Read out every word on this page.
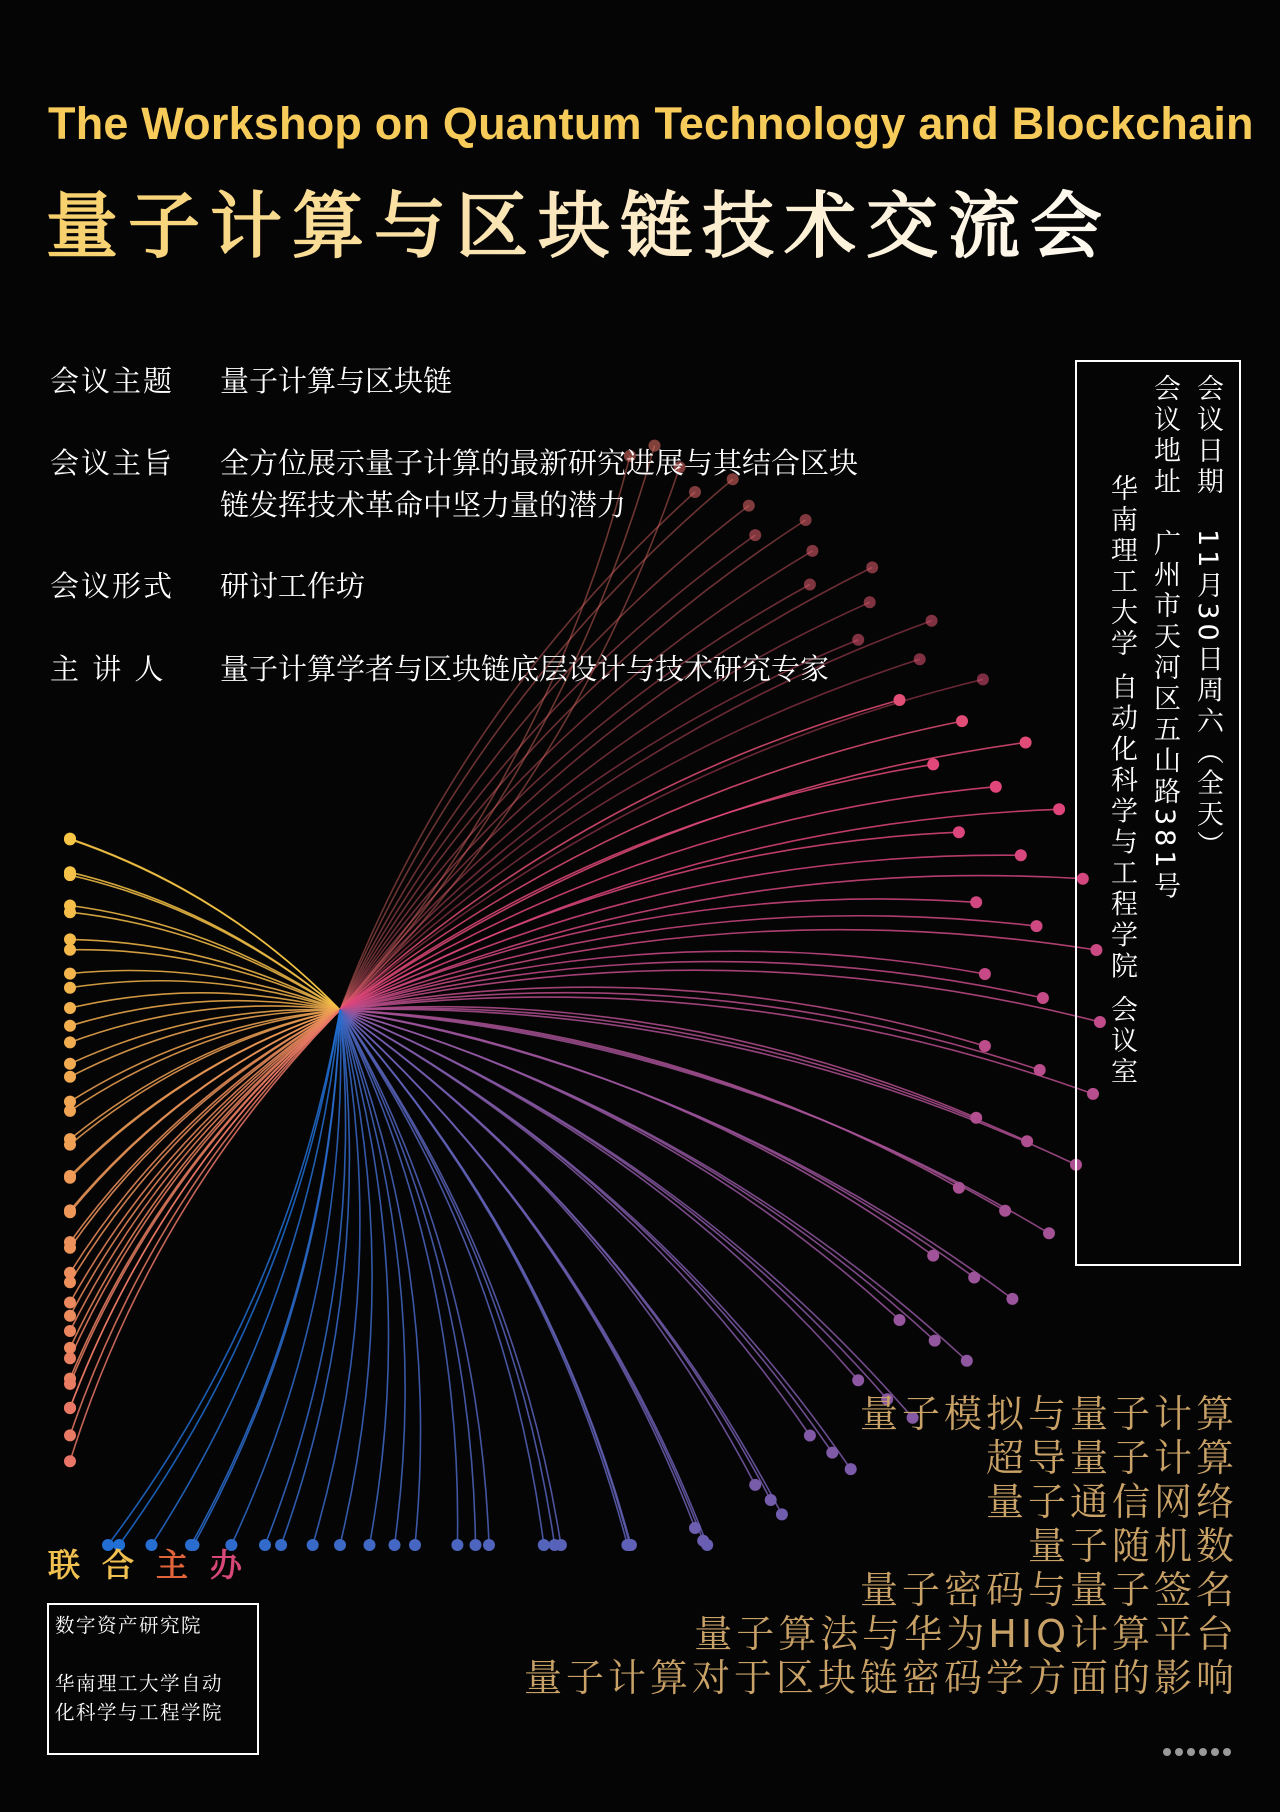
The Workshop on Quantum Technology and Blockchain
量子计算与区块链技术交流会
会议主题 量子计算与区块链
会议主旨 全方位展示量子计算的最新研究进展与其结合区块
链发挥技术革命中坚力量的潜力
会议形式 研讨工作坊
主 讲 人 量子计算学者与区块链底层设计与技术研究专家
会议日期　11月30日周六（全天）
会议地址　广州市天河区五山路381号
华南理工大学 自动化科学与工程学院 会议室
量子模拟与量子计算
超导量子计算
量子通信网络
量子随机数
量子密码与量子签名
量子算法与华为HIQ计算平台
量子计算对于区块链密码学方面的影响
联合主办
数字资产研究院
华南理工大学自动
化科学与工程学院
